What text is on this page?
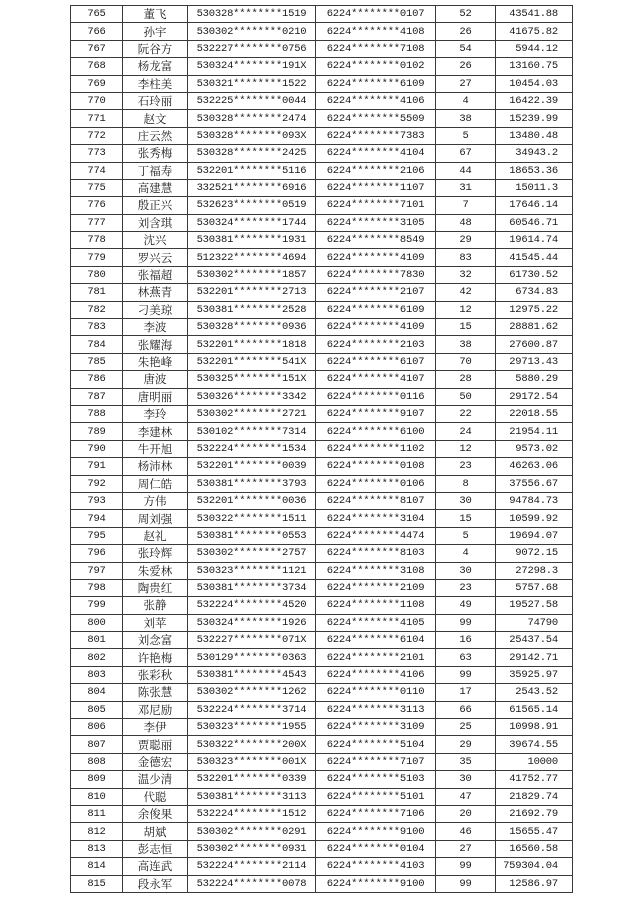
765	董飞	530328********1519	6224********0107	52	43541.88
766	孙宇	530302********0210	6224********4108	26	41675.82
767	阮谷方	532227********0756	6224********7108	54	5944.12
768	杨龙富	530324********191X	6224********0102	26	13160.75
769	李柱美	530321********1522	6224********6109	27	10454.03
770	石玲丽	532225********0044	6224********4106	4	16422.39
771	赵文	530328********2474	6224********5509	38	15239.99
772	庄云然	530328********093X	6224********7383	5	13480.48
773	张秀梅	530328********2425	6224********4104	67	34943.2
774	丁福寿	532201********5116	6224********2106	44	18653.36
775	高建慧	332521********6916	6224********1107	31	15011.3
776	殷正兴	532623********0519	6224********7101	7	17646.14
777	刘含琪	530324********1744	6224********3105	48	60546.71
778	沈兴	530381********1931	6224********8549	29	19614.74
779	罗兴云	512322********4694	6224********4109	83	41545.44
780	张福超	530302********1857	6224********7830	32	61730.52
781	林燕青	532201********2713	6224********2107	42	6734.83
782	刁美琼	530381********2528	6224********6109	12	12975.22
783	李波	530328********0936	6224********4109	15	28881.62
784	张耀海	532201********1818	6224********2103	38	27600.87
785	朱艳峰	532201********541X	6224********6107	70	29713.43
786	唐波	530325********151X	6224********4107	28	5880.29
787	唐明丽	530326********3342	6224********0116	50	29172.54
788	李玲	530302********2721	6224********9107	22	22018.55
789	李建林	530102********7314	6224********6100	24	21954.11
790	牛开旭	532224********1534	6224********1102	12	9573.02
791	杨沛林	532201********0039	6224********0108	23	46263.06
792	周仁皓	530381********3793	6224********0106	8	37556.67
793	方伟	532201********0036	6224********8107	30	94784.73
794	周刘强	530322********1511	6224********3104	15	10599.92
795	赵礼	530381********0553	6224********4474	5	19694.07
796	张玲辉	530302********2757	6224********8103	4	9072.15
797	朱爱林	530323********1121	6224********3108	30	27298.3
798	陶贵红	530381********3734	6224********2109	23	5757.68
799	张静	532224********4520	6224********1108	49	19527.58
800	刘苹	530324********1926	6224********4105	99	74790
801	刘念富	532227********071X	6224********6104	16	25437.54
802	许艳梅	530129********0363	6224********2101	63	29142.71
803	张彩秋	530381********4543	6224********4106	99	35925.97
804	陈张慧	530302********1262	6224********0110	17	2543.52
805	邓尼励	532224********3714	6224********3113	66	61565.14
806	李伊	530323********1955	6224********3109	25	10998.91
807	贾聪丽	530322********200X	6224********5104	29	39674.55
808	金德宏	530323********001X	6224********7107	35	10000
809	温少清	532201********0339	6224********5103	30	41752.77
810	代聪	530381********3113	6224********5101	47	21829.74
811	余俊果	532224********1512	6224********7106	20	21692.79
812	胡斌	530302********0291	6224********9100	46	15655.47
813	彭志恒	530302********0931	6224********0104	27	16560.58
814	高连武	532224********2114	6224********4103	99	759304.04
815	段永军	532224********0078	6224********9100	99	12586.97
